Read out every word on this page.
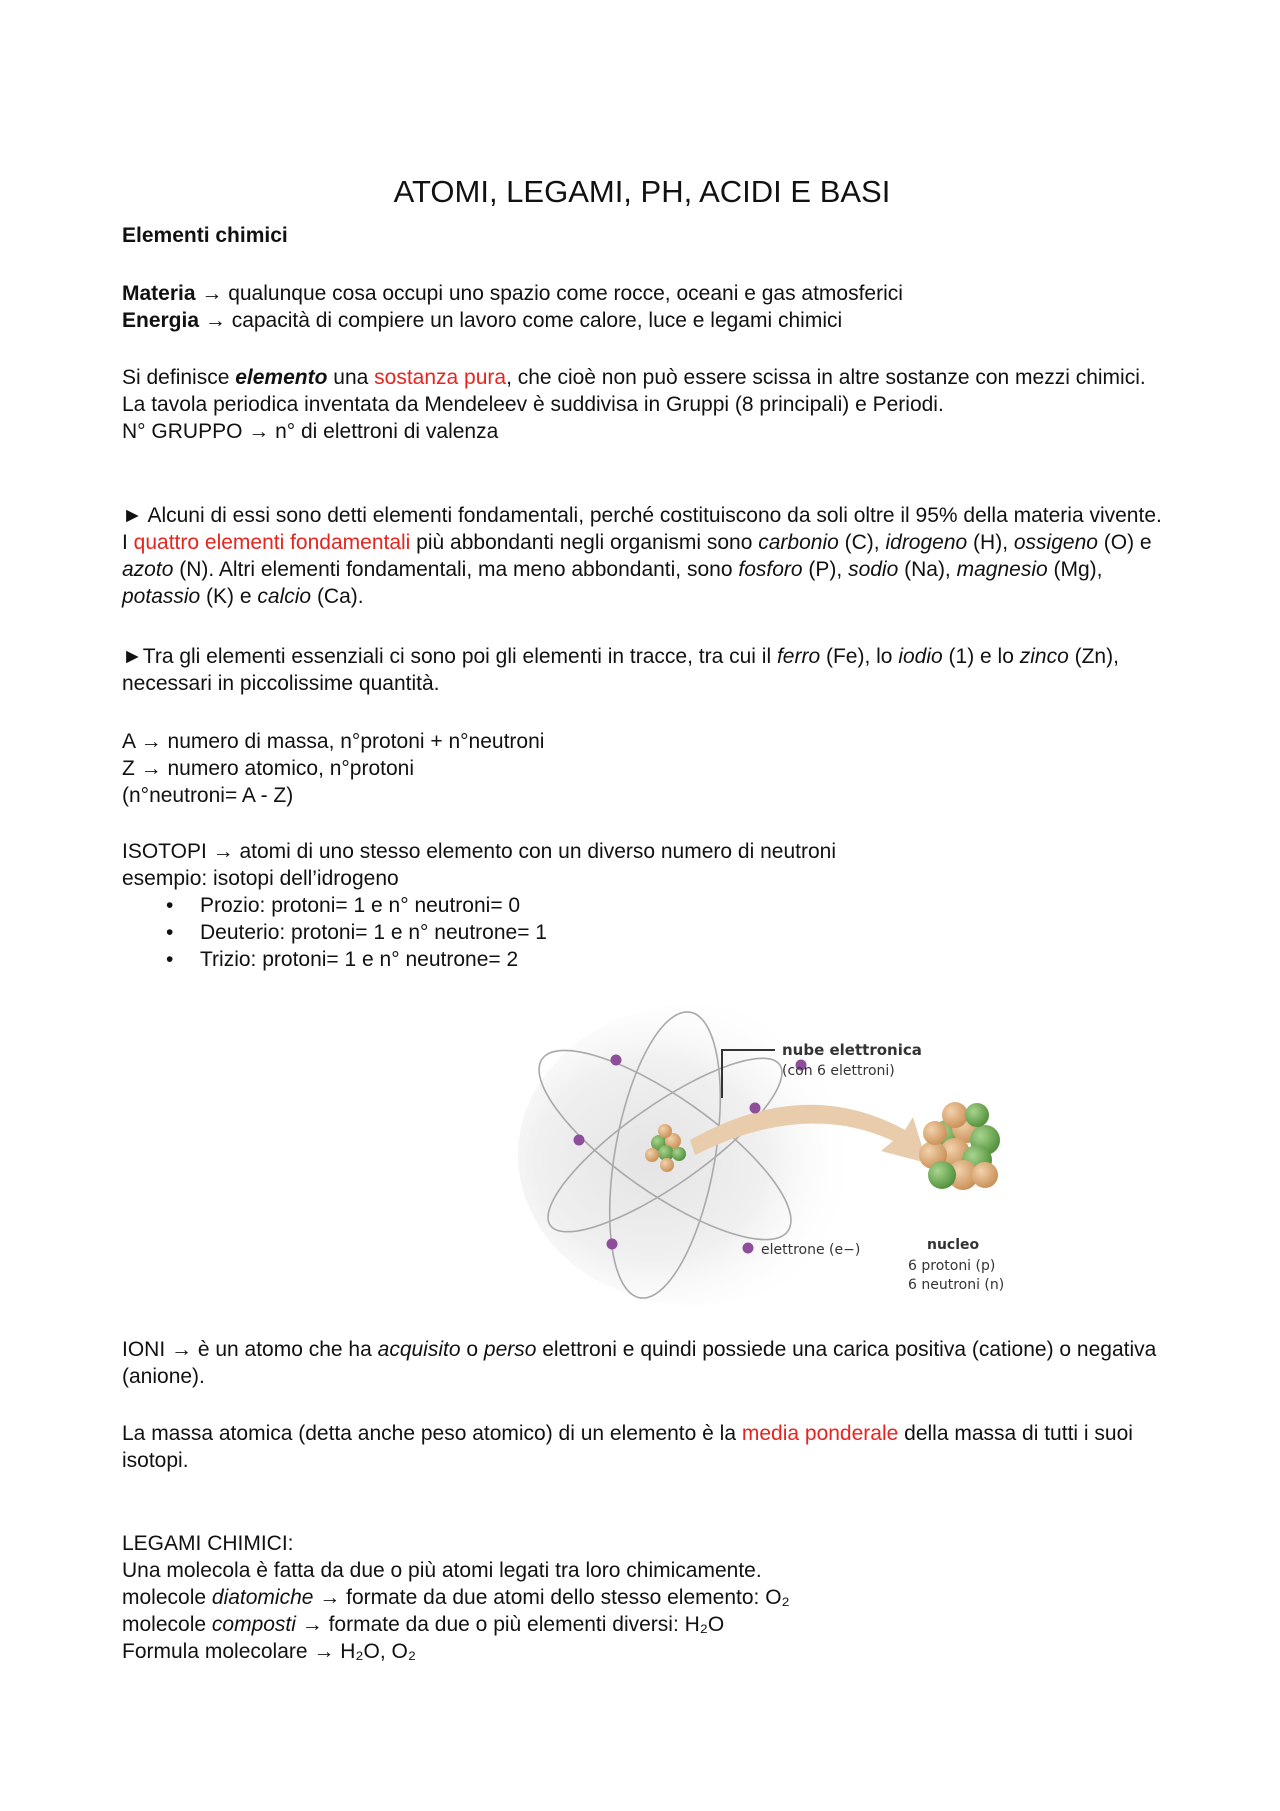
ATOMI, LEGAMI, PH, ACIDI E BASI

Elementi chimici

Materia → qualunque cosa occupi uno spazio come rocce, oceani e gas atmosferici
Energia → capacità di compiere un lavoro come calore, luce e legami chimici

Si definisce elemento una sostanza pura, che cioè non può essere scissa in altre sostanze con mezzi chimici.
La tavola periodica inventata da Mendeleev è suddivisa in Gruppi (8 principali) e Periodi.
N° GRUPPO → n° di elettroni di valenza

► Alcuni di essi sono detti elementi fondamentali, perché costituiscono da soli oltre il 95% della materia vivente. I quattro elementi fondamentali più abbondanti negli organismi sono carbonio (C), idrogeno (H), ossigeno (O) e azoto (N). Altri elementi fondamentali, ma meno abbondanti, sono fosforo (P), sodio (Na), magnesio (Mg), potassio (K) e calcio (Ca).

►Tra gli elementi essenziali ci sono poi gli elementi in tracce, tra cui il ferro (Fe), lo iodio (1) e lo zinco (Zn), necessari in piccolissime quantità.

A → numero di massa, n°protoni + n°neutroni
Z → numero atomico, n°protoni
(n°neutroni= A - Z)

ISOTOPI → atomi di uno stesso elemento con un diverso numero di neutroni
esempio: isotopi dell’idrogeno
• Prozio: protoni= 1 e n° neutroni= 0
• Deuterio: protoni= 1 e n° neutrone= 1
• Trizio: protoni= 1 e n° neutrone= 2
nube elettronica
(con 6 elettroni)
elettrone (e−)	nucleo
6 protoni (p)
6 neutroni (n)

IONI → è un atomo che ha acquisito o perso elettroni e quindi possiede una carica positiva (catione) o negativa (anione).

La massa atomica (detta anche peso atomico) di un elemento è la media ponderale della massa di tutti i suoi isotopi.

LEGAMI CHIMICI:
Una molecola è fatta da due o più atomi legati tra loro chimicamente.
molecole diatomiche → formate da due atomi dello stesso elemento: O₂
molecole composti → formate da due o più elementi diversi: H₂O
Formula molecolare → H₂O, O₂
